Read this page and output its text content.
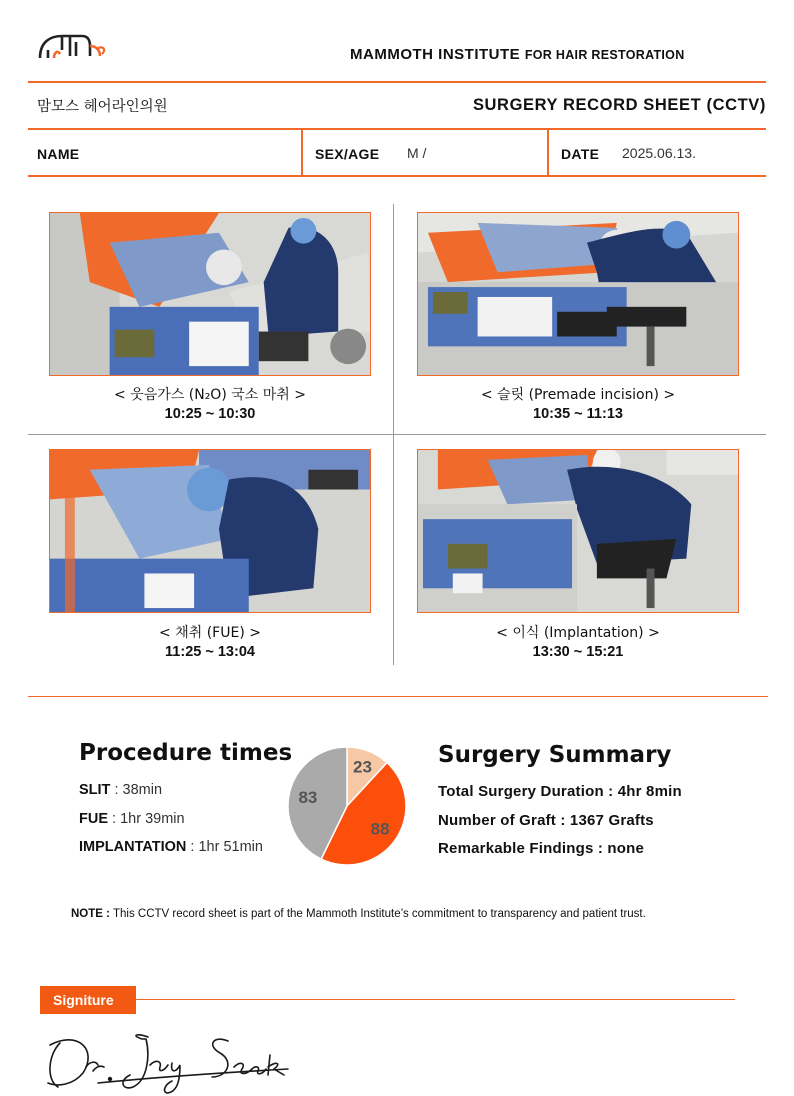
MAMMOTH INSTITUTE FOR HAIR RESTORATION
맘모스 헤어라인의원	SURGERY RECORD SHEET (CCTV)
NAME	SEX/AGE M /	DATE 2025.06.13.
< 웃음가스 (N₂O) 국소 마취 >
10:25 ~ 10:30
< 슬릿 (Premade incision) >
10:35 ~ 11:13
< 채취 (FUE) >
11:25 ~ 13:04
< 이식 (Implantation) >
13:30 ~ 15:21
Procedure times
SLIT : 38min
FUE : 1hr 39min
IMPLANTATION : 1hr 51min
23
88
83
Surgery Summary
Total Surgery Duration : 4hr 8min
Number of Graft : 1367 Grafts
Remarkable Findings : none
NOTE : This CCTV record sheet is part of the Mammoth Institute’s commitment to transparency and patient trust.
Signiture
